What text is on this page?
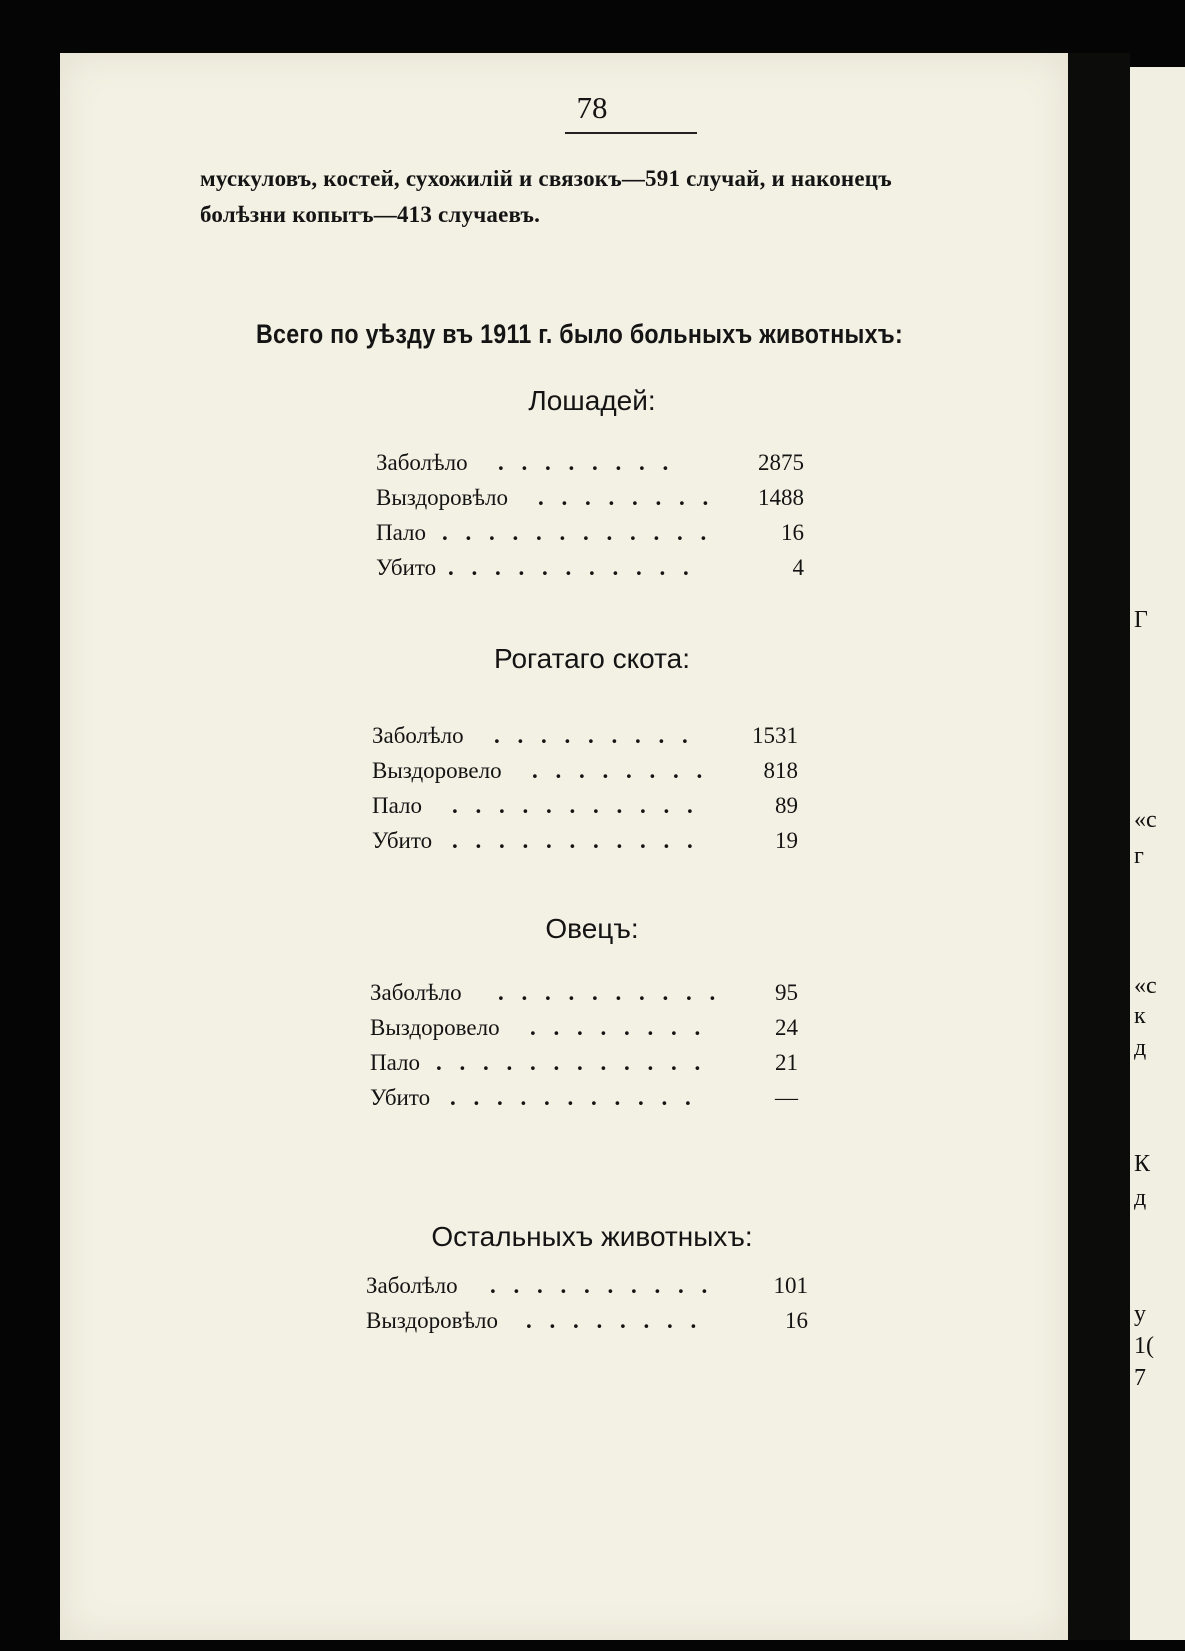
78
мускуловъ, костей, сухожилій и связокъ—591 случай, и наконецъ
болѣзни копытъ—413 случаевъ.
Всего по уѣзду въ 1911 г. было больныхъ животныхъ:
Лошадей:
Заболѣло . . . . . . . .	2875
Выздоровѣло . . . . . . . .	1488
Пало . . . . . . . . . . . .	16
Убито . . . . . . . . . . .	4
Рогатаго скота:
Заболѣло . . . . . . . . .	1531
Выздоровело . . . . . . . .	818
Пало . . . . . . . . . . .	89
Убито . . . . . . . . . . .	19
Овецъ:
Заболѣло . . . . . . . . . .	95
Выздоровело . . . . . . . .	24
Пало . . . . . . . . . . . .	21
Убито . . . . . . . . . . .	—
Остальныхъ животныхъ:
Заболѣло . . . . . . . . . .	101
Выздоровѣло . . . . . . . .	16
Г
«с
г
«с
к
д
К
д
у
1(
7
